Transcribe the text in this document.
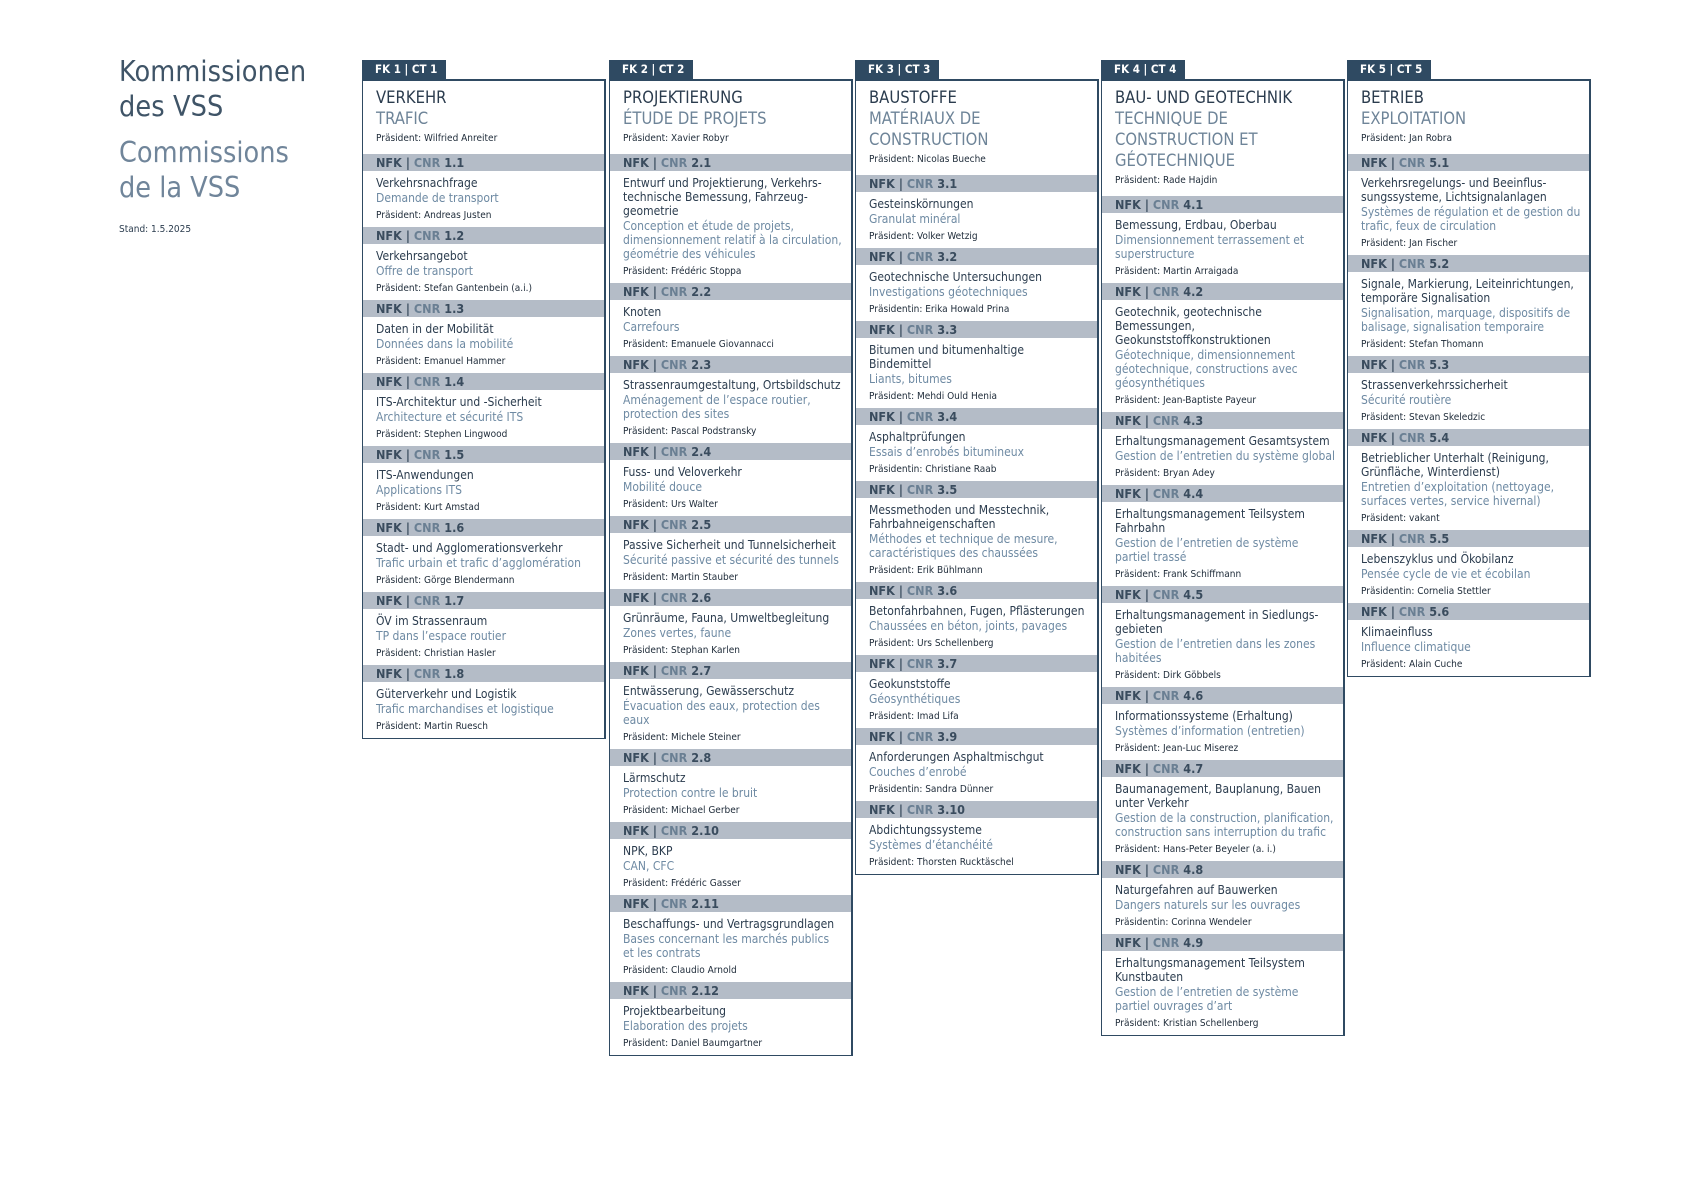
Kommissionen
des VSS
Commissions
de la VSS
Stand: 1.5.2025
FK 1 | CT 1
VERKEHR
TRAFIC
Präsident: Wilfried Anreiter
NFK | CNR 1.1
Verkehrsnachfrage
Demande de transport
Präsident: Andreas Justen
NFK | CNR 1.2
Verkehrsangebot
Offre de transport
Präsident: Stefan Gantenbein (a.i.)
NFK | CNR 1.3
Daten in der Mobilität
Données dans la mobilité
Präsident: Emanuel Hammer
NFK | CNR 1.4
ITS-Architektur und -Sicherheit
Architecture et sécurité ITS
Präsident: Stephen Lingwood
NFK | CNR 1.5
ITS-Anwendungen
Applications ITS
Präsident: Kurt Amstad
NFK | CNR 1.6
Stadt- und Agglomerationsverkehr
Trafic urbain et trafic d’agglomération
Präsident: Görge Blendermann
NFK | CNR 1.7
ÖV im Strassenraum
TP dans l’espace routier
Präsident: Christian Hasler
NFK | CNR 1.8
Güterverkehr und Logistik
Trafic marchandises et logistique
Präsident: Martin Ruesch
FK 2 | CT 2
PROJEKTIERUNG
ÉTUDE DE PROJETS
Präsident: Xavier Robyr
NFK | CNR 2.1
Entwurf und Projektierung, Verkehrs-technische Bemessung, Fahrzeug-geometrie
Conception et étude de projets, dimensionnement relatif à la circulation, géométrie des véhicules
Präsident: Frédéric Stoppa
NFK | CNR 2.2
Knoten
Carrefours
Präsident: Emanuele Giovannacci
NFK | CNR 2.3
Strassenraumgestaltung, Ortsbildschutz
Aménagement de l’espace routier, protection des sites
Präsident: Pascal Podstransky
NFK | CNR 2.4
Fuss- und Veloverkehr
Mobilité douce
Präsident: Urs Walter
NFK | CNR 2.5
Passive Sicherheit und Tunnelsicherheit
Sécurité passive et sécurité des tunnels
Präsident: Martin Stauber
NFK | CNR 2.6
Grünräume, Fauna, Umweltbegleitung
Zones vertes, faune
Präsident: Stephan Karlen
NFK | CNR 2.7
Entwässerung, Gewässerschutz
Évacuation des eaux, protection des eaux
Präsident: Michele Steiner
NFK | CNR 2.8
Lärmschutz
Protection contre le bruit
Präsident: Michael Gerber
NFK | CNR 2.10
NPK, BKP
CAN, CFC
Präsident: Frédéric Gasser
NFK | CNR 2.11
Beschaffungs- und Vertragsgrundlagen
Bases concernant les marchés publics et les contrats
Präsident: Claudio Arnold
NFK | CNR 2.12
Projektbearbeitung
Elaboration des projets
Präsident: Daniel Baumgartner
FK 3 | CT 3
BAUSTOFFE
MATÉRIAUX DE CONSTRUCTION
Präsident: Nicolas Bueche
NFK | CNR 3.1
Gesteinskörnungen
Granulat minéral
Präsident: Volker Wetzig
NFK | CNR 3.2
Geotechnische Untersuchungen
Investigations géotechniques
Präsidentin: Erika Howald Prina
NFK | CNR 3.3
Bitumen und bitumenhaltige Bindemittel
Liants, bitumes
Präsident: Mehdi Ould Henia
NFK | CNR 3.4
Asphaltprüfungen
Essais d’enrobés bitumineux
Präsidentin: Christiane Raab
NFK | CNR 3.5
Messmethoden und Messtechnik, Fahrbahneigenschaften
Méthodes et technique de mesure, caractéristiques des chaussées
Präsident: Erik Bühlmann
NFK | CNR 3.6
Betonfahrbahnen, Fugen, Pflästerungen
Chaussées en béton, joints, pavages
Präsident: Urs Schellenberg
NFK | CNR 3.7
Geokunststoffe
Géosynthétiques
Präsident: Imad Lifa
NFK | CNR 3.9
Anforderungen Asphaltmischgut
Couches d’enrobé
Präsidentin: Sandra Dünner
NFK | CNR 3.10
Abdichtungssysteme
Systèmes d’étanchéité
Präsident: Thorsten Rucktäschel
FK 4 | CT 4
BAU- UND GEOTECHNIK
TECHNIQUE DE CONSTRUCTION ET GÉOTECHNIQUE
Präsident: Rade Hajdin
NFK | CNR 4.1
Bemessung, Erdbau, Oberbau
Dimensionnement terrassement et superstructure
Präsident: Martin Arraigada
NFK | CNR 4.2
Geotechnik, geotechnische Bemessungen, Geokunststoffkonstruktionen
Géotechnique, dimensionnement géotechnique, constructions avec géosynthétiques
Präsident: Jean-Baptiste Payeur
NFK | CNR 4.3
Erhaltungsmanagement Gesamtsystem
Gestion de l’entretien du système global
Präsident: Bryan Adey
NFK | CNR 4.4
Erhaltungsmanagement Teilsystem Fahrbahn
Gestion de l’entretien de système partiel trassé
Präsident: Frank Schiffmann
NFK | CNR 4.5
Erhaltungsmanagement in Siedlungs-gebieten
Gestion de l’entretien dans les zones habitées
Präsident: Dirk Göbbels
NFK | CNR 4.6
Informationssysteme (Erhaltung)
Systèmes d’information (entretien)
Präsident: Jean-Luc Miserez
NFK | CNR 4.7
Baumanagement, Bauplanung, Bauen unter Verkehr
Gestion de la construction, planification, construction sans interruption du trafic
Präsident: Hans-Peter Beyeler (a. i.)
NFK | CNR 4.8
Naturgefahren auf Bauwerken
Dangers naturels sur les ouvrages
Präsidentin: Corinna Wendeler
NFK | CNR 4.9
Erhaltungsmanagement Teilsystem Kunstbauten
Gestion de l’entretien de système partiel ouvrages d’art
Präsident: Kristian Schellenberg
FK 5 | CT 5
BETRIEB
EXPLOITATION
Präsident: Jan Robra
NFK | CNR 5.1
Verkehrsregelungs- und Beeinflus-sungssysteme, Lichtsignalanlagen
Systèmes de régulation et de gestion du trafic, feux de circulation
Präsident: Jan Fischer
NFK | CNR 5.2
Signale, Markierung, Leiteinrichtungen, temporäre Signalisation
Signalisation, marquage, dispositifs de balisage, signalisation temporaire
Präsident: Stefan Thomann
NFK | CNR 5.3
Strassenverkehrssicherheit
Sécurité routière
Präsident: Stevan Skeledzic
NFK | CNR 5.4
Betrieblicher Unterhalt (Reinigung, Grünfläche, Winterdienst)
Entretien d’exploitation (nettoyage, surfaces vertes, service hivernal)
Präsident: vakant
NFK | CNR 5.5
Lebenszyklus und Ökobilanz
Pensée cycle de vie et écobilan
Präsidentin: Cornelia Stettler
NFK | CNR 5.6
Klimaeinfluss
Influence climatique
Präsident: Alain Cuche
